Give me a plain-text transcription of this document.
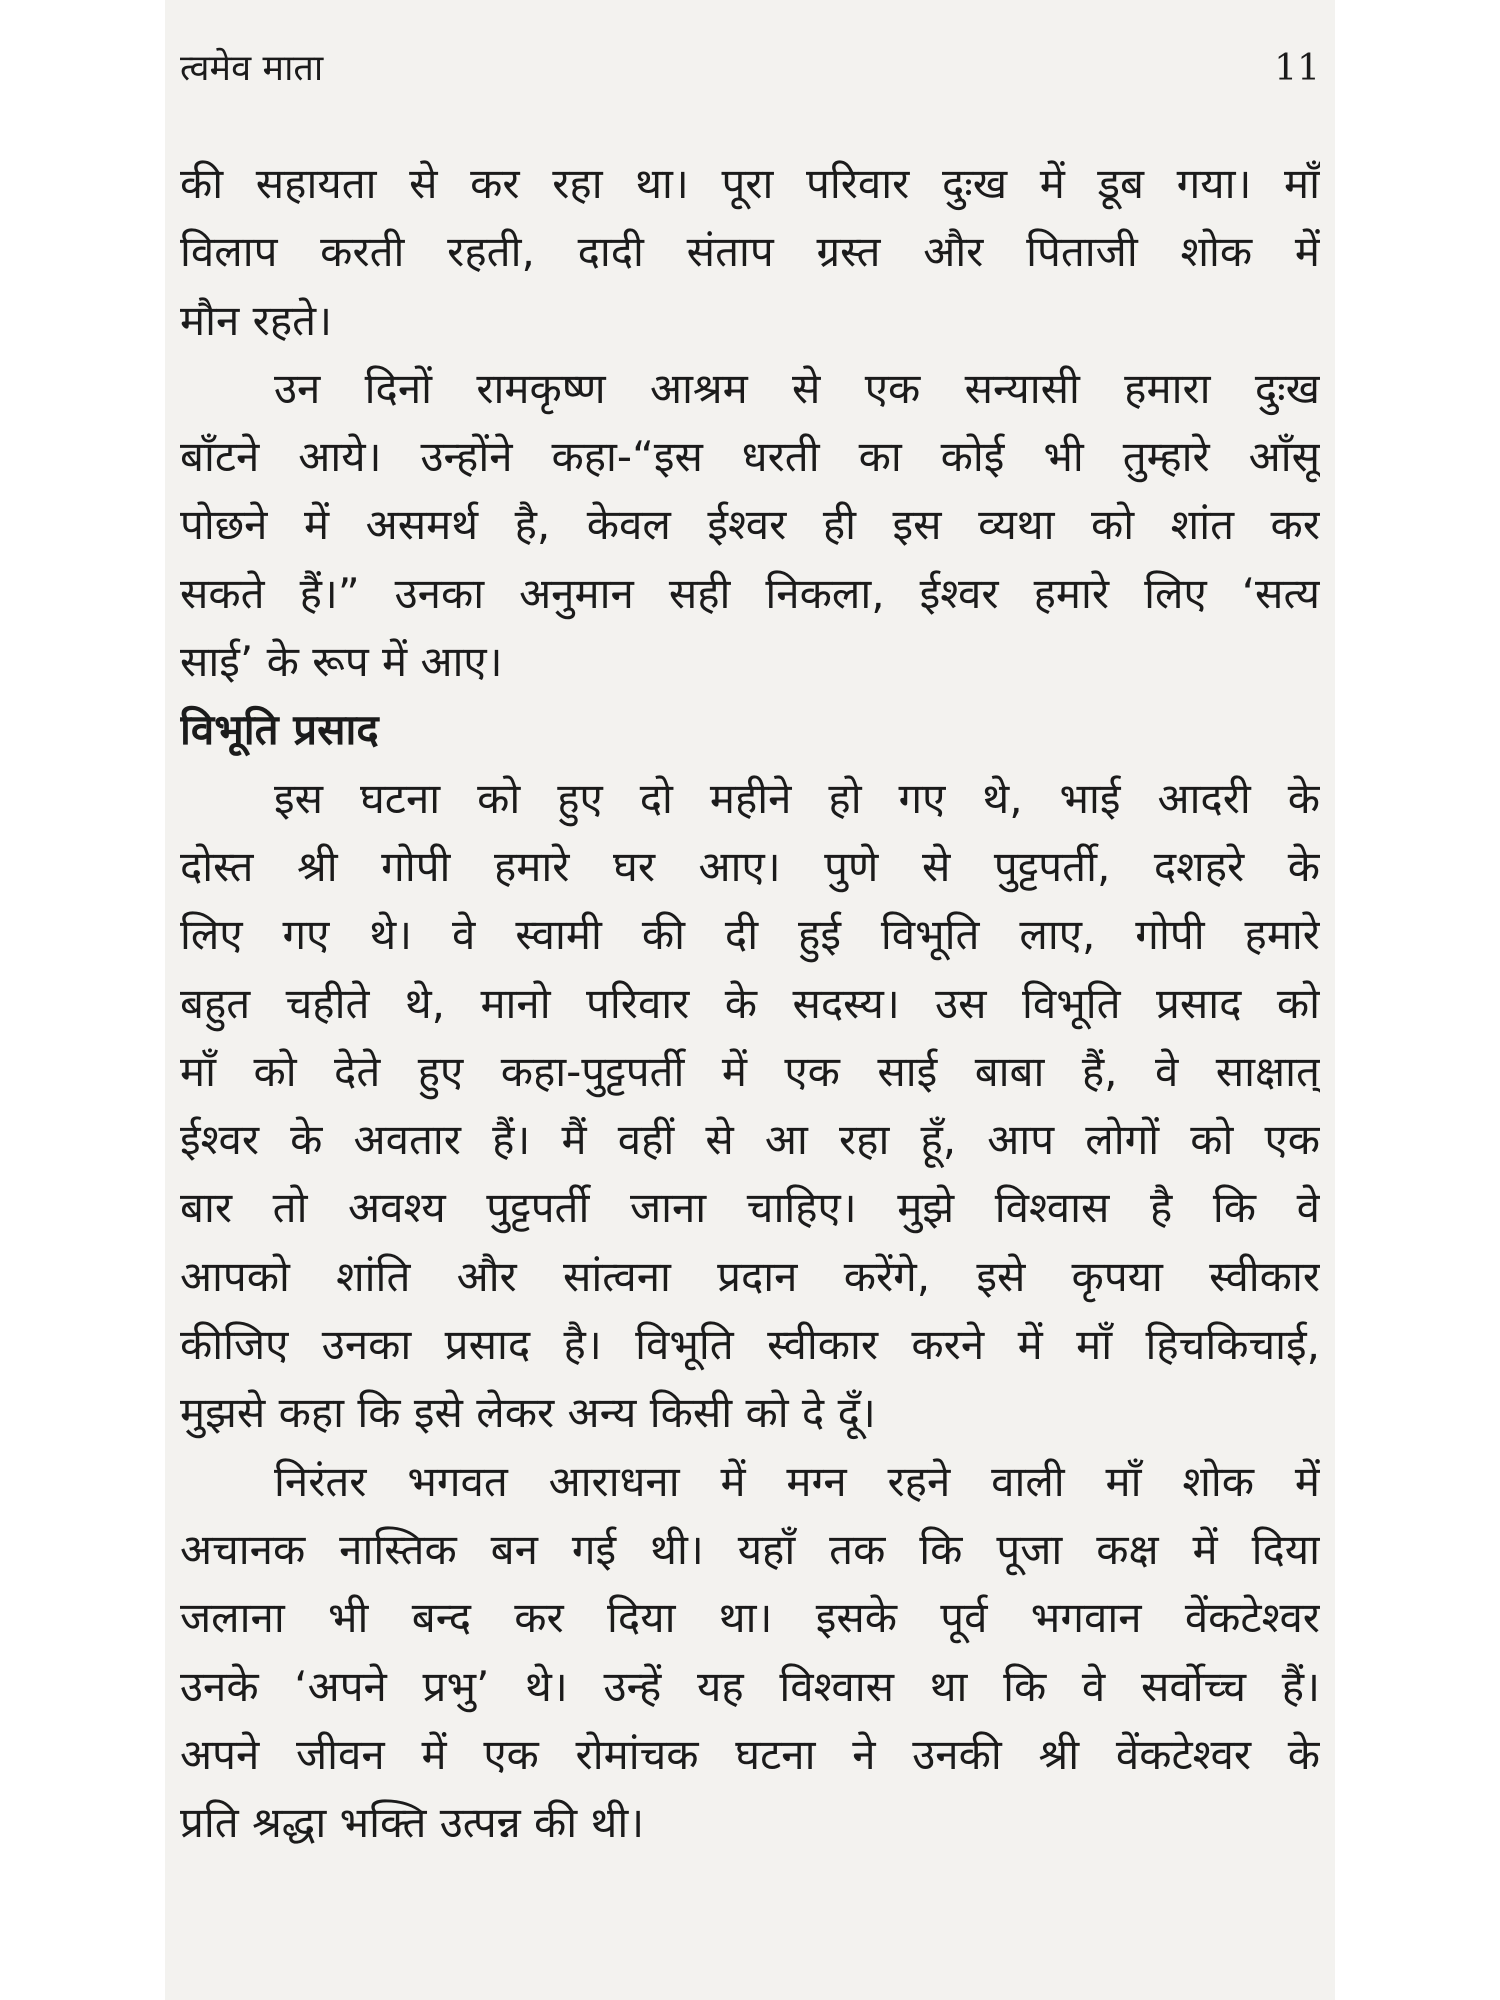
त्वमेव माता	11
की सहायता से कर रहा था। पूरा परिवार दुःख में डूब गया। माँ
विलाप करती रहती, दादी संताप ग्रस्त और पिताजी शोक में
मौन रहते।
उन दिनों रामकृष्ण आश्रम से एक सन्यासी हमारा दुःख
बाँटने आये। उन्होंने कहा-“इस धरती का कोई भी तुम्हारे आँसू
पोछने में असमर्थ है, केवल ईश्वर ही इस व्यथा को शांत कर
सकते हैं।” उनका अनुमान सही निकला, ईश्वर हमारे लिए ‘सत्य
साई’ के रूप में आए।
विभूति प्रसाद
इस घटना को हुए दो महीने हो गए थे, भाई आदरी के
दोस्त श्री गोपी हमारे घर आए। पुणे से पुट्टपर्ती, दशहरे के
लिए गए थे। वे स्वामी की दी हुई विभूति लाए, गोपी हमारे
बहुत चहीते थे, मानो परिवार के सदस्य। उस विभूति प्रसाद को
माँ को देते हुए कहा-पुट्टपर्ती में एक साई बाबा हैं, वे साक्षात्
ईश्वर के अवतार हैं। मैं वहीं से आ रहा हूँ, आप लोगों को एक
बार तो अवश्य पुट्टपर्ती जाना चाहिए। मुझे विश्वास है कि वे
आपको शांति और सांत्वना प्रदान करेंगे, इसे कृपया स्वीकार
कीजिए उनका प्रसाद है। विभूति स्वीकार करने में माँ हिचकिचाई,
मुझसे कहा कि इसे लेकर अन्य किसी को दे दूँ।
निरंतर भगवत आराधना में मग्न रहने वाली माँ शोक में
अचानक नास्तिक बन गई थी। यहाँ तक कि पूजा कक्ष में दिया
जलाना भी बन्द कर दिया था। इसके पूर्व भगवान वेंकटेश्वर
उनके ‘अपने प्रभु’ थे। उन्हें यह विश्वास था कि वे सर्वोच्च हैं।
अपने जीवन में एक रोमांचक घटना ने उनकी श्री वेंकटेश्वर के
प्रति श्रद्धा भक्ति उत्पन्न की थी।
